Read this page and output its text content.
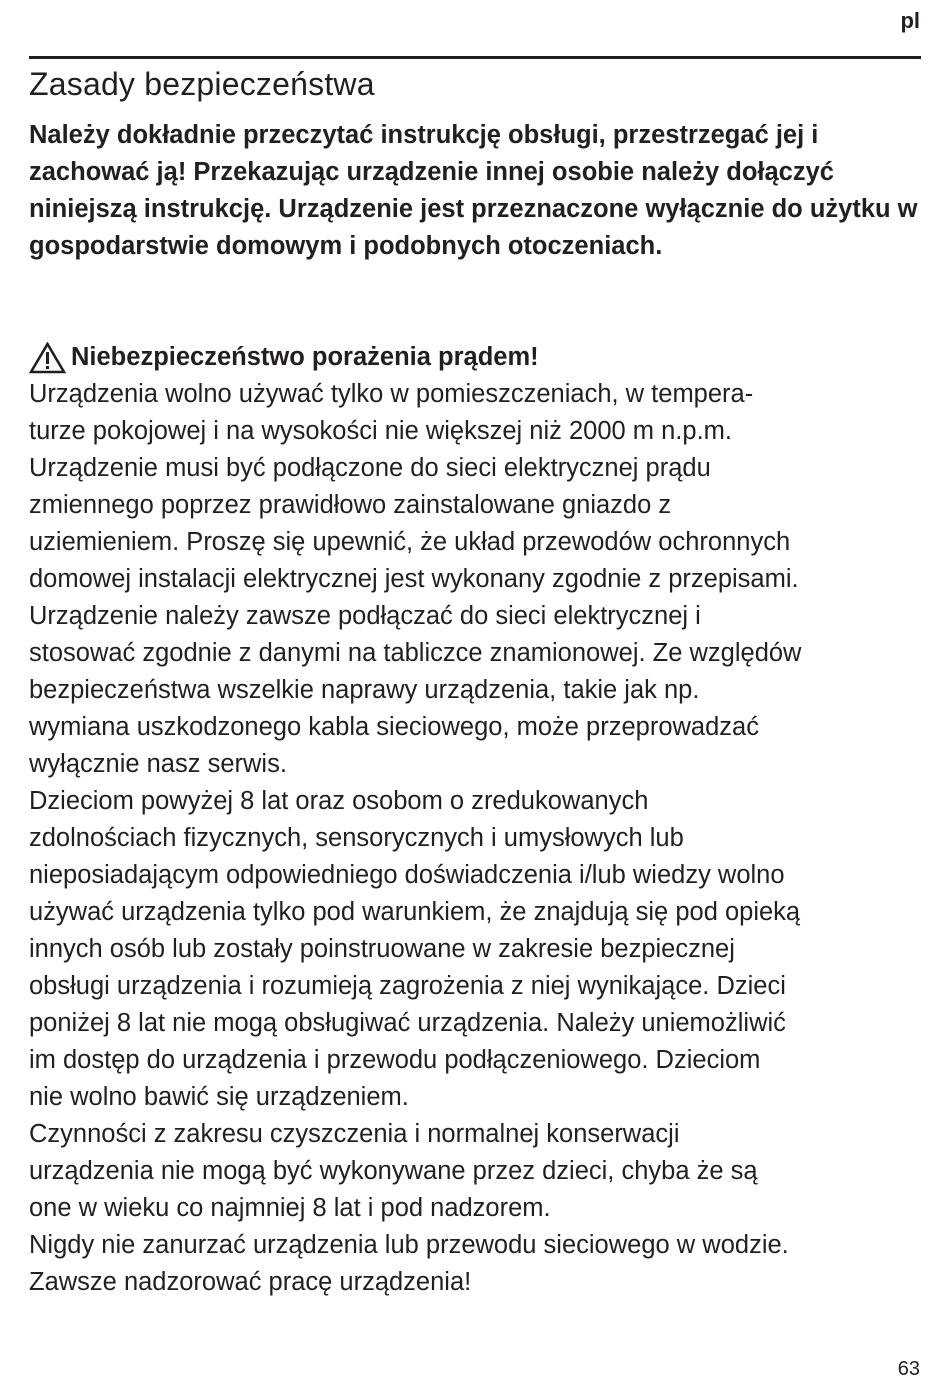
pl
Zasady bezpieczeństwa

Należy dokładnie przeczytać instrukcję obsługi, przestrzegać jej i zachować ją! Przekazując urządzenie innej osobie należy dołączyć niniejszą instrukcję. Urządzenie jest przeznaczone wyłącznie do użytku w gospodarstwie domowym i podobnych otoczeniach.

Niebezpieczeństwo porażenia prądem!
Urządzenia wolno używać tylko w pomieszczeniach, w tempera-
turze pokojowej i na wysokości nie większej niż 2000 m n.p.m.
Urządzenie musi być podłączone do sieci elektrycznej prądu
zmiennego poprzez prawidłowo zainstalowane gniazdo z
uziemieniem. Proszę się upewnić, że układ przewodów ochronnych
domowej instalacji elektrycznej jest wykonany zgodnie z przepisami.
Urządzenie należy zawsze podłączać do sieci elektrycznej i
stosować zgodnie z danymi na tabliczce znamionowej. Ze względów
bezpieczeństwa wszelkie naprawy urządzenia, takie jak np.
wymiana uszkodzonego kabla sieciowego, może przeprowadzać
wyłącznie nasz serwis.
Dzieciom powyżej 8 lat oraz osobom o zredukowanych
zdolnościach fizycznych, sensorycznych i umysłowych lub
nieposiadającym odpowiedniego doświadczenia i/lub wiedzy wolno
używać urządzenia tylko pod warunkiem, że znajdują się pod opieką
innych osób lub zostały poinstruowane w zakresie bezpiecznej
obsługi urządzenia i rozumieją zagrożenia z niej wynikające. Dzieci
poniżej 8 lat nie mogą obsługiwać urządzenia. Należy uniemożliwić
im dostęp do urządzenia i przewodu podłączeniowego. Dzieciom
nie wolno bawić się urządzeniem.
Czynności z zakresu czyszczenia i normalnej konserwacji
urządzenia nie mogą być wykonywane przez dzieci, chyba że są
one w wieku co najmniej 8 lat i pod nadzorem.
Nigdy nie zanurzać urządzenia lub przewodu sieciowego w wodzie.
Zawsze nadzorować pracę urządzenia!
63
